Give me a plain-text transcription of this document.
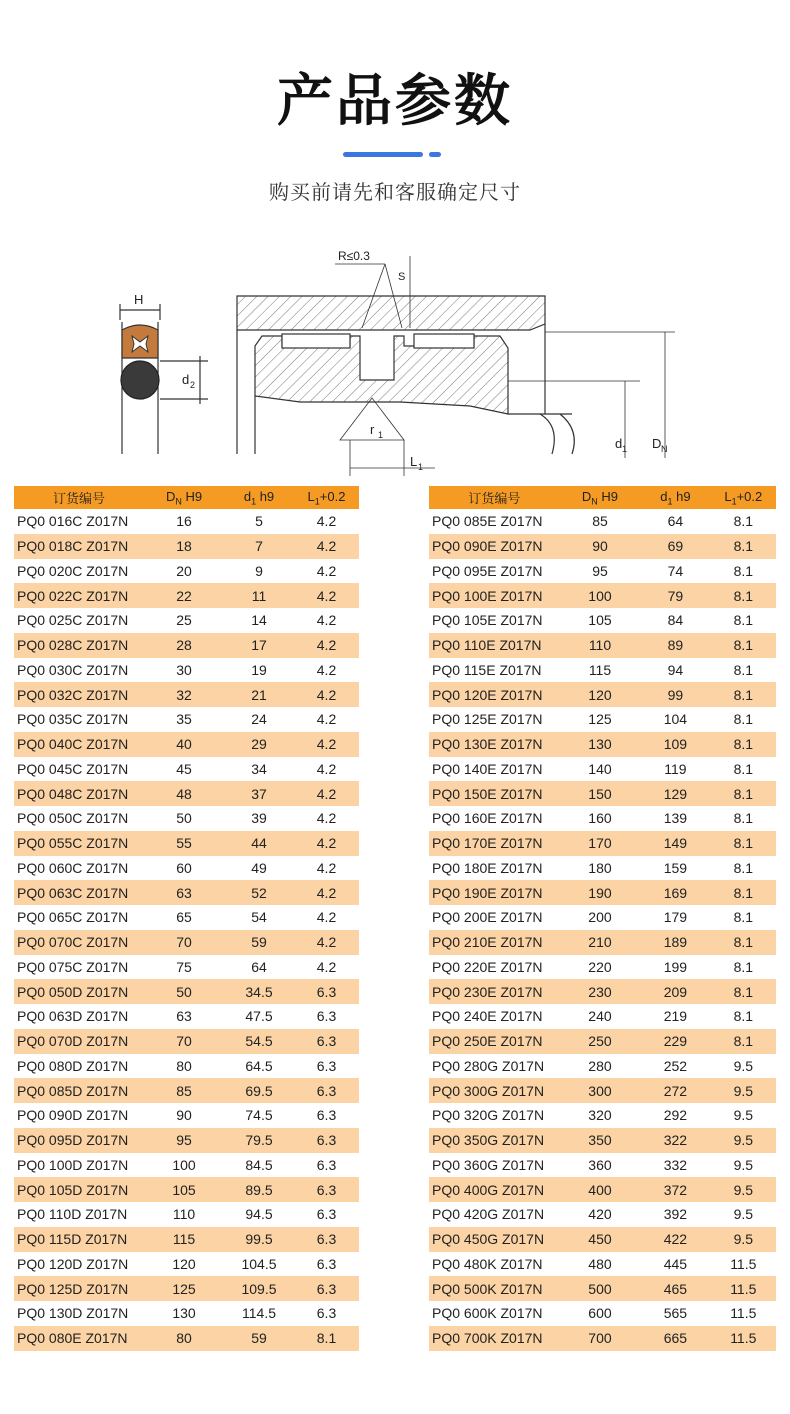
产品参数
购买前请先和客服确定尺寸
H
d 2
R≤0.3
S
r 1
L 1
d 1 D N
订货编号	$D_N$ H9	$d_1$ h9	$L_1+0.2$
PQ0 016C Z017N	16	5	4.2
PQ0 018C Z017N	18	7	4.2
PQ0 020C Z017N	20	9	4.2
PQ0 022C Z017N	22	11	4.2
PQ0 025C Z017N	25	14	4.2
PQ0 028C Z017N	28	17	4.2
PQ0 030C Z017N	30	19	4.2
PQ0 032C Z017N	32	21	4.2
PQ0 035C Z017N	35	24	4.2
PQ0 040C Z017N	40	29	4.2
PQ0 045C Z017N	45	34	4.2
PQ0 048C Z017N	48	37	4.2
PQ0 050C Z017N	50	39	4.2
PQ0 055C Z017N	55	44	4.2
PQ0 060C Z017N	60	49	4.2
PQ0 063C Z017N	63	52	4.2
PQ0 065C Z017N	65	54	4.2
PQ0 070C Z017N	70	59	4.2
PQ0 075C Z017N	75	64	4.2
PQ0 050D Z017N	50	34.5	6.3
PQ0 063D Z017N	63	47.5	6.3
PQ0 070D Z017N	70	54.5	6.3
PQ0 080D Z017N	80	64.5	6.3
PQ0 085D Z017N	85	69.5	6.3
PQ0 090D Z017N	90	74.5	6.3
PQ0 095D Z017N	95	79.5	6.3
PQ0 100D Z017N	100	84.5	6.3
PQ0 105D Z017N	105	89.5	6.3
PQ0 110D Z017N	110	94.5	6.3
PQ0 115D Z017N	115	99.5	6.3
PQ0 120D Z017N	120	104.5	6.3
PQ0 125D Z017N	125	109.5	6.3
PQ0 130D Z017N	130	114.5	6.3
PQ0 080E Z017N	80	59	8.1
订货编号	$D_N$ H9	$d_1$ h9	$L_1+0.2$
PQ0 085E Z017N	85	64	8.1
PQ0 090E Z017N	90	69	8.1
PQ0 095E Z017N	95	74	8.1
PQ0 100E Z017N	100	79	8.1
PQ0 105E Z017N	105	84	8.1
PQ0 110E Z017N	110	89	8.1
PQ0 115E Z017N	115	94	8.1
PQ0 120E Z017N	120	99	8.1
PQ0 125E Z017N	125	104	8.1
PQ0 130E Z017N	130	109	8.1
PQ0 140E Z017N	140	119	8.1
PQ0 150E Z017N	150	129	8.1
PQ0 160E Z017N	160	139	8.1
PQ0 170E Z017N	170	149	8.1
PQ0 180E Z017N	180	159	8.1
PQ0 190E Z017N	190	169	8.1
PQ0 200E Z017N	200	179	8.1
PQ0 210E Z017N	210	189	8.1
PQ0 220E Z017N	220	199	8.1
PQ0 230E Z017N	230	209	8.1
PQ0 240E Z017N	240	219	8.1
PQ0 250E Z017N	250	229	8.1
PQ0 280G Z017N	280	252	9.5
PQ0 300G Z017N	300	272	9.5
PQ0 320G Z017N	320	292	9.5
PQ0 350G Z017N	350	322	9.5
PQ0 360G Z017N	360	332	9.5
PQ0 400G Z017N	400	372	9.5
PQ0 420G Z017N	420	392	9.5
PQ0 450G Z017N	450	422	9.5
PQ0 480K Z017N	480	445	11.5
PQ0 500K Z017N	500	465	11.5
PQ0 600K Z017N	600	565	11.5
PQ0 700K Z017N	700	665	11.5
